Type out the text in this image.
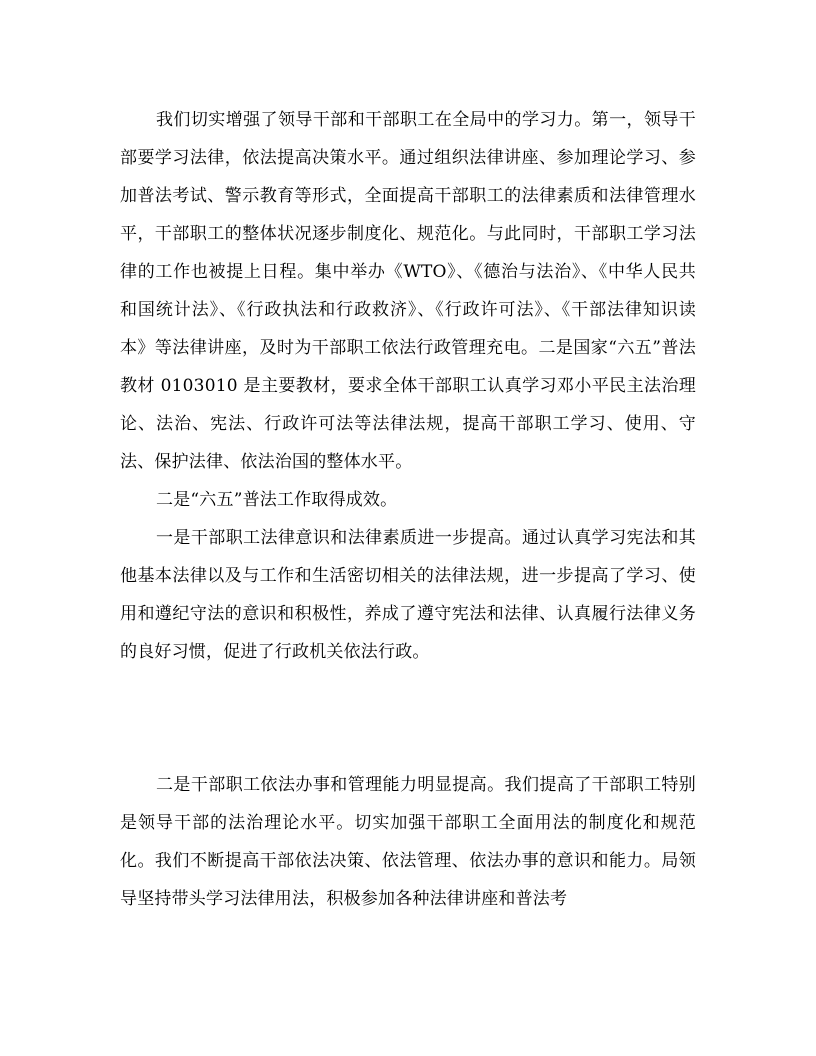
我们切实增强了领导干部和干部职工在全局中的学习力。第一，领导干部要学习法律，依法提高决策水平。通过组织法律讲座、参加理论学习、参加普法考试、警示教育等形式，全面提高干部职工的法律素质和法律管理水平，干部职工的整体状况逐步制度化、规范化。与此同时，干部职工学习法律的工作也被提上日程。集中举办《WTO》、《德治与法治》、《中华人民共和国统计法》、《行政执法和行政救济》、《行政许可法》、《干部法律知识读本》等法律讲座，及时为干部职工依法行政管理充电。二是国家“六五”普法教材 0103010 是主要教材，要求全体干部职工认真学习邓小平民主法治理论、法治、宪法、行政许可法等法律法规，提高干部职工学习、使用、守法、保护法律、依法治国的整体水平。

二是“六五”普法工作取得成效。

一是干部职工法律意识和法律素质进一步提高。通过认真学习宪法和其他基本法律以及与工作和生活密切相关的法律法规，进一步提高了学习、使用和遵纪守法的意识和积极性，养成了遵守宪法和法律、认真履行法律义务的良好习惯，促进了行政机关依法行政。

二是干部职工依法办事和管理能力明显提高。我们提高了干部职工特别是领导干部的法治理论水平。切实加强干部职工全面用法的制度化和规范化。我们不断提高干部依法决策、依法管理、依法办事的意识和能力。局领导坚持带头学习法律用法，积极参加各种法律讲座和普法考
